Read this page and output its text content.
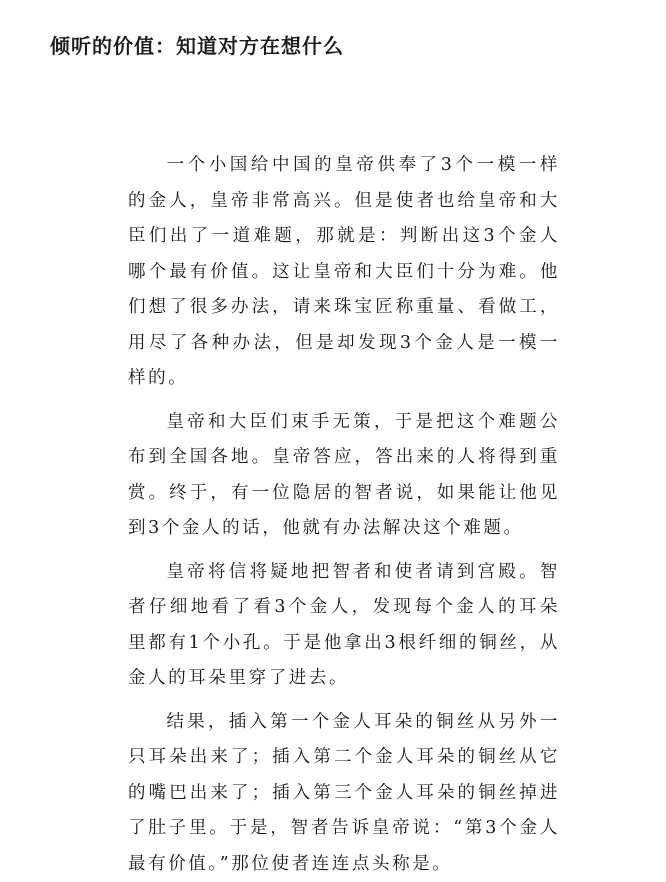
倾听的价值：知道对方在想什么

一个小国给中国的皇帝供奉了3个一模一样的金人，皇帝非常高兴。但是使者也给皇帝和大臣们出了一道难题，那就是：判断出这3个金人哪个最有价值。这让皇帝和大臣们十分为难。他们想了很多办法，请来珠宝匠称重量、看做工，用尽了各种办法，但是却发现3个金人是一模一样的。

皇帝和大臣们束手无策，于是把这个难题公布到全国各地。皇帝答应，答出来的人将得到重赏。终于，有一位隐居的智者说，如果能让他见到3个金人的话，他就有办法解决这个难题。

皇帝将信将疑地把智者和使者请到宫殿。智者仔细地看了看3个金人，发现每个金人的耳朵里都有1个小孔。于是他拿出3根纤细的铜丝，从金人的耳朵里穿了进去。

结果，插入第一个金人耳朵的铜丝从另外一只耳朵出来了；插入第二个金人耳朵的铜丝从它的嘴巴出来了；插入第三个金人耳朵的铜丝掉进了肚子里。于是，智者告诉皇帝说：“第3个金人最有价值。”那位使者连连点头称是。
